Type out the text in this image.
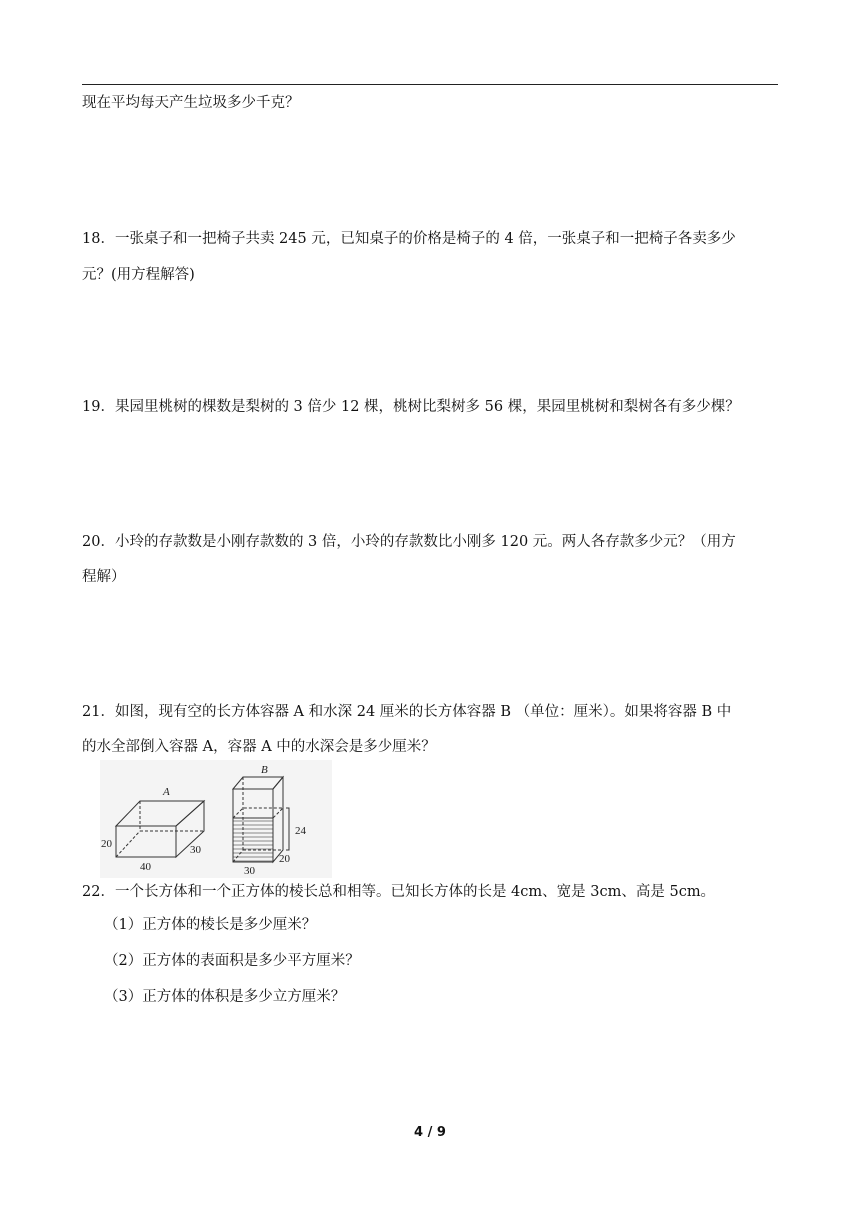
现在平均每天产生垃圾多少千克？
18．一张桌子和一把椅子共卖 245 元，已知桌子的价格是椅子的 4 倍，一张桌子和一把椅子各卖多少
元？(用方程解答)
19．果园里桃树的棵数是梨树的 3 倍少 12 棵，桃树比梨树多 56 棵，果园里桃树和梨树各有多少棵？
20．小玲的存款数是小刚存款数的 3 倍，小玲的存款数比小刚多 120 元。两人各存款多少元？（用方
程解）
21．如图，现有空的长方体容器 A 和水深 24 厘米的长方体容器 B （单位：厘米）。如果将容器 B 中
的水全部倒入容器 A，容器 A 中的水深会是多少厘米？
A
20
40
30
B
24
20
30
22．一个长方体和一个正方体的棱长总和相等。已知长方体的长是 4cm、宽是 3cm、高是 5cm。
（1）正方体的棱长是多少厘米？
（2）正方体的表面积是多少平方厘米？
（3）正方体的体积是多少立方厘米？
4 / 9
